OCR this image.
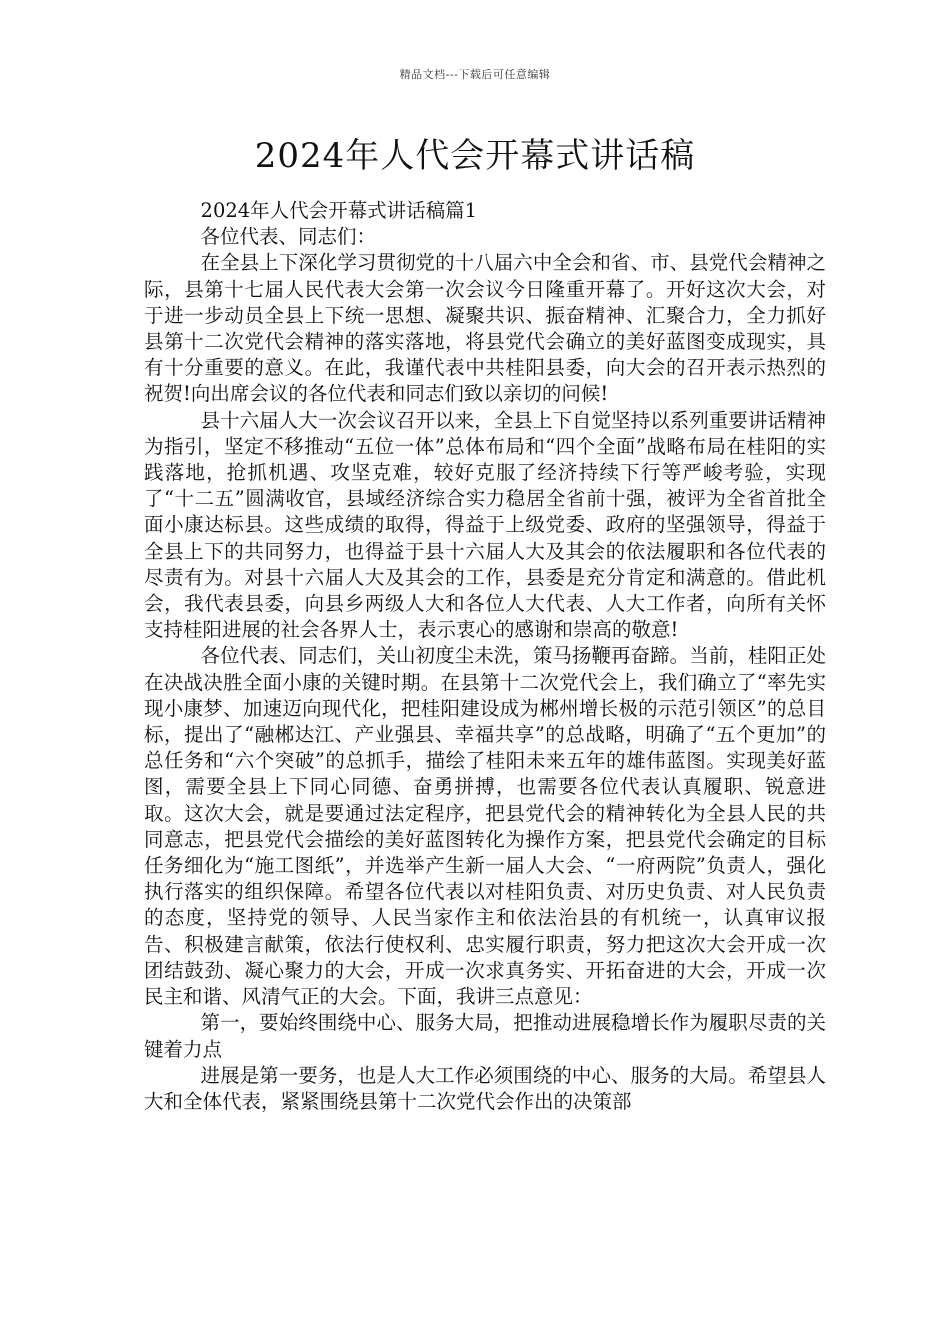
精品文档---下载后可任意编辑
2024年人代会开幕式讲话稿

2024年人代会开幕式讲话稿篇1

各位代表、同志们：

在全县上下深化学习贯彻党的十八届六中全会和省、市、县党代会精神之际，县第十七届人民代表大会第一次会议今日隆重开幕了。开好这次大会，对于进一步动员全县上下统一思想、凝聚共识、振奋精神、汇聚合力，全力抓好县第十二次党代会精神的落实落地，将县党代会确立的美好蓝图变成现实，具有十分重要的意义。在此，我谨代表中共桂阳县委，向大会的召开表示热烈的祝贺!向出席会议的各位代表和同志们致以亲切的问候!

县十六届人大一次会议召开以来，全县上下自觉坚持以系列重要讲话精神为指引，坚定不移推动“五位一体”总体布局和“四个全面”战略布局在桂阳的实践落地，抢抓机遇、攻坚克难，较好克服了经济持续下行等严峻考验，实现了“十二五”圆满收官，县域经济综合实力稳居全省前十强，被评为全省首批全面小康达标县。这些成绩的取得，得益于上级党委、政府的坚强领导，得益于全县上下的共同努力，也得益于县十六届人大及其会的依法履职和各位代表的尽责有为。对县十六届人大及其会的工作，县委是充分肯定和满意的。借此机会，我代表县委，向县乡两级人大和各位人大代表、人大工作者，向所有关怀支持桂阳进展的社会各界人士，表示衷心的感谢和崇高的敬意!

各位代表、同志们，关山初度尘未洗，策马扬鞭再奋蹄。当前，桂阳正处在决战决胜全面小康的关键时期。在县第十二次党代会上，我们确立了“率先实现小康梦、加速迈向现代化，把桂阳建设成为郴州增长极的示范引领区”的总目标，提出了“融郴达江、产业强县、幸福共享”的总战略，明确了“五个更加”的总任务和“六个突破”的总抓手，描绘了桂阳未来五年的雄伟蓝图。实现美好蓝图，需要全县上下同心同德、奋勇拼搏，也需要各位代表认真履职、锐意进取。这次大会，就是要通过法定程序，把县党代会的精神转化为全县人民的共同意志，把县党代会描绘的美好蓝图转化为操作方案，把县党代会确定的目标任务细化为“施工图纸”，并选举产生新一届人大会、“一府两院”负责人，强化执行落实的组织保障。希望各位代表以对桂阳负责、对历史负责、对人民负责的态度，坚持党的领导、人民当家作主和依法治县的有机统一，认真审议报告、积极建言献策，依法行使权利、忠实履行职责，努力把这次大会开成一次团结鼓劲、凝心聚力的大会，开成一次求真务实、开拓奋进的大会，开成一次民主和谐、风清气正的大会。下面，我讲三点意见：

第一，要始终围绕中心、服务大局，把推动进展稳增长作为履职尽责的关键着力点

进展是第一要务，也是人大工作必须围绕的中心、服务的大局。希望县人大和全体代表，紧紧围绕县第十二次党代会作出的决策部
